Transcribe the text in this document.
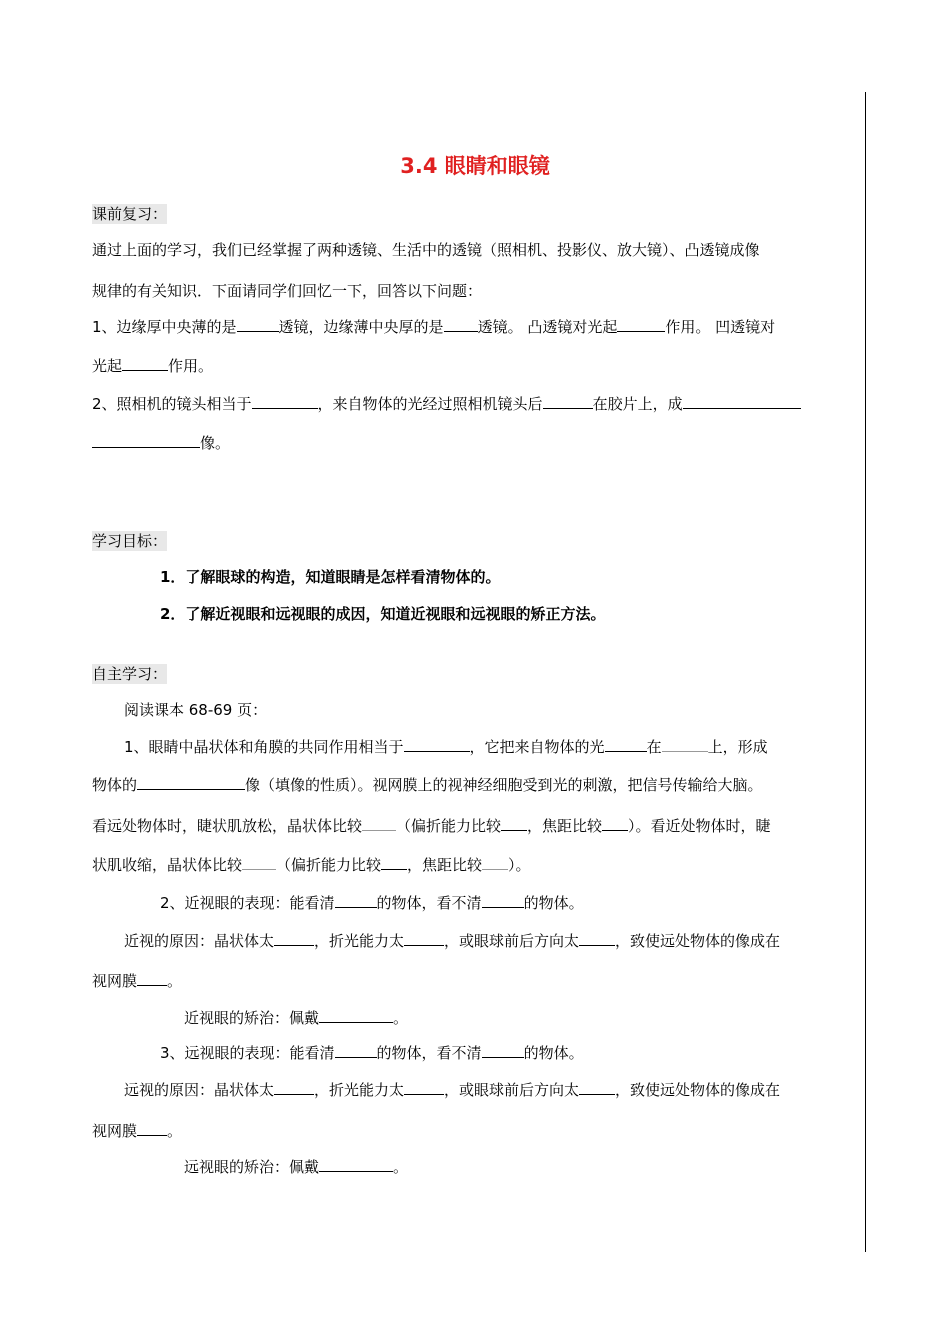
3.4 眼睛和眼镜
课前复习：
通过上面的学习，我们已经掌握了两种透镜、生活中的透镜（照相机、投影仪、放大镜）、凸透镜成像
规律的有关知识．下面请同学们回忆一下，回答以下问题：
1、边缘厚中央薄的是	透镜，边缘薄中央厚的是 透镜。 凸透镜对光起	作用。 凹透镜对
光起	作用。
2、照相机的镜头相当于	，来自物体的光经过照相机镜头后	在胶片上，成
像。
学习目标：
1．了解眼球的构造，知道眼睛是怎样看清物体的。
2．了解近视眼和远视眼的成因，知道近视眼和远视眼的矫正方法。
自主学习：
阅读课本 68-69 页：
1、眼睛中晶状体和角膜的共同作用相当于	，它把来自物体的光	在	上，形成
物体的	像（填像的性质）。视网膜上的视神经细胞受到光的刺激，把信号传输给大脑。
看远处物体时，睫状肌放松，晶状体比较 （偏折能力比较 ，焦距比较 ）。看近处物体时，睫
状肌收缩，晶状体比较 （偏折能力比较 ，焦距比较 ）。
2、近视眼的表现：能看清	的物体，看不清	的物体。
近视的原因：晶状体太	，折光能力太	，或眼球前后方向太 ，致使远处物体的像成在
视网膜 。
近视眼的矫治：佩戴	。
3、远视眼的表现：能看清	的物体，看不清	的物体。
远视的原因：晶状体太	，折光能力太	，或眼球前后方向太 ，致使远处物体的像成在
视网膜 。
远视眼的矫治：佩戴	。
